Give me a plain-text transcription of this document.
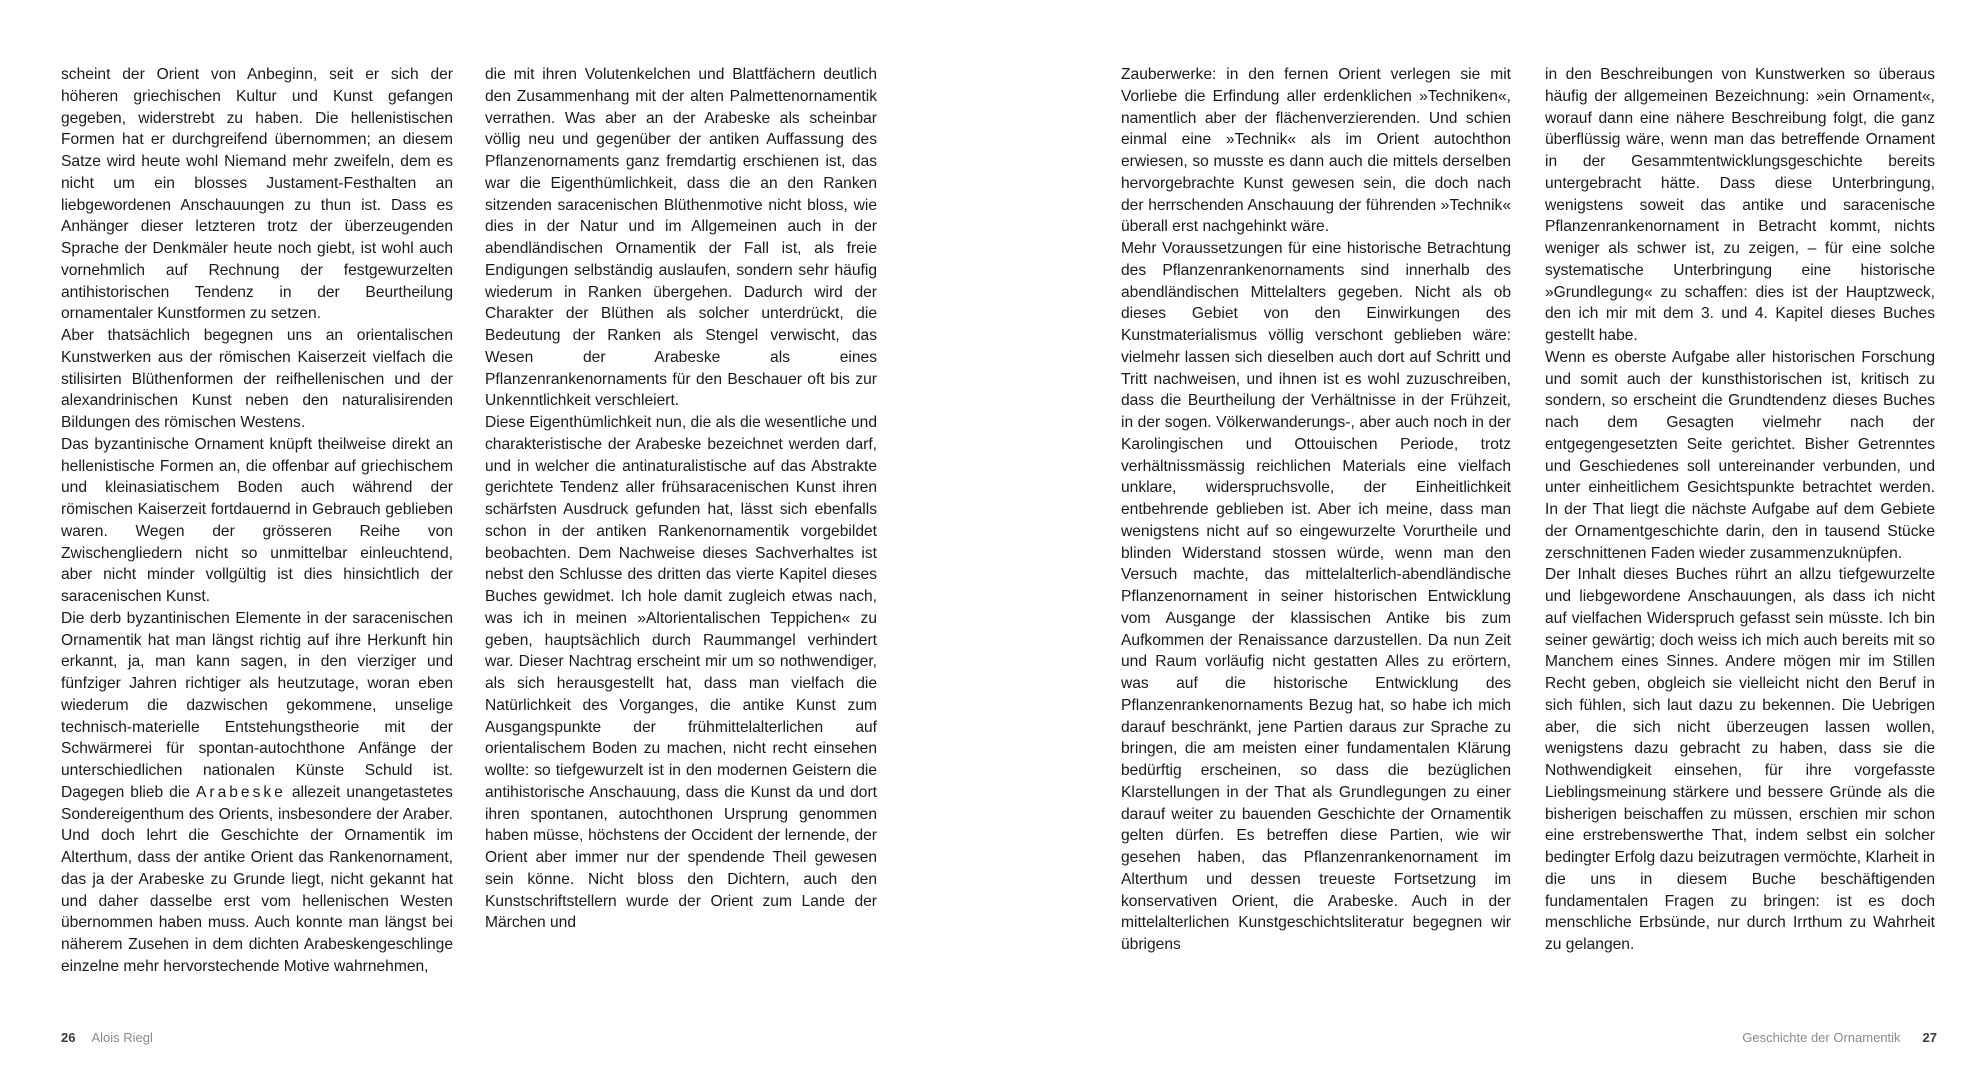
scheint der Orient von Anbeginn, seit er sich der höheren griechischen Kultur und Kunst gefangen gegeben, widerstrebt zu haben. Die hellenistischen Formen hat er durchgreifend übernommen; an diesem Satze wird heute wohl Niemand mehr zweifeln, dem es nicht um ein blosses Justament-Festhalten an liebgewordenen Anschauungen zu thun ist. Dass es Anhänger dieser letzteren trotz der überzeugenden Sprache der Denkmäler heute noch giebt, ist wohl auch vornehmlich auf Rechnung der festgewurzelten antihistorischen Tendenz in der Beurtheilung ornamentaler Kunstformen zu setzen.

Aber thatsächlich begegnen uns an orientalischen Kunstwerken aus der römischen Kaiserzeit vielfach die stilisirten Blüthenformen der reifhellenischen und der alexandrinischen Kunst neben den naturalisirenden Bildungen des römischen Westens.

Das byzantinische Ornament knüpft theilweise direkt an hellenistische Formen an, die offenbar auf griechischem und kleinasiatischem Boden auch während der römischen Kaiserzeit fortdauernd in Gebrauch geblieben waren. Wegen der grösseren Reihe von Zwischengliedern nicht so unmittelbar einleuchtend, aber nicht minder vollgültig ist dies hinsichtlich der saracenischen Kunst.

Die derb byzantinischen Elemente in der saracenischen Ornamentik hat man längst richtig auf ihre Herkunft hin erkannt, ja, man kann sagen, in den vierziger und fünfziger Jahren richtiger als heutzutage, woran eben wiederum die dazwischen gekommene, unselige technisch-materielle Entstehungstheorie mit der Schwärmerei für spontan-autochthone Anfänge der unterschiedlichen nationalen Künste Schuld ist. Dagegen blieb die Arabeske allezeit unangetastetes Sondereigenthum des Orients, insbesondere der Araber. Und doch lehrt die Geschichte der Ornamentik im Alterthum, dass der antike Orient das Rankenornament, das ja der Arabeske zu Grunde liegt, nicht gekannt hat und daher dasselbe erst vom hellenischen Westen übernommen haben muss. Auch konnte man längst bei näherem Zusehen in dem dichten Arabeskengeschlinge einzelne mehr hervorstechende Motive wahrnehmen,

die mit ihren Volutenkelchen und Blattfächern deutlich den Zusammenhang mit der alten Palmettenornamentik verrathen. Was aber an der Arabeske als scheinbar völlig neu und gegenüber der antiken Auffassung des Pflanzenornaments ganz fremdartig erschienen ist, das war die Eigenthümlichkeit, dass die an den Ranken sitzenden saracenischen Blüthenmotive nicht bloss, wie dies in der Natur und im Allgemeinen auch in der abendländischen Ornamentik der Fall ist, als freie Endigungen selbständig auslaufen, sondern sehr häufig wiederum in Ranken übergehen. Dadurch wird der Charakter der Blüthen als solcher unterdrückt, die Bedeutung der Ranken als Stengel verwischt, das Wesen der Arabeske als eines Pflanzenrankenornaments für den Beschauer oft bis zur Unkenntlichkeit verschleiert.

Diese Eigenthümlichkeit nun, die als die wesentliche und charakteristische der Arabeske bezeichnet werden darf, und in welcher die antinaturalistische auf das Abstrakte gerichtete Tendenz aller frühsaracenischen Kunst ihren schärfsten Ausdruck gefunden hat, lässt sich ebenfalls schon in der antiken Rankenornamentik vorgebildet beobachten. Dem Nachweise dieses Sachverhaltes ist nebst den Schlusse des dritten das vierte Kapitel dieses Buches gewidmet. Ich hole damit zugleich etwas nach, was ich in meinen »Altorientalischen Teppichen« zu geben, hauptsächlich durch Raummangel verhindert war. Dieser Nachtrag erscheint mir um so nothwendiger, als sich herausgestellt hat, dass man vielfach die Natürlichkeit des Vorganges, die antike Kunst zum Ausgangspunkte der frühmittelalterlichen auf orientalischem Boden zu machen, nicht recht einsehen wollte: so tiefgewurzelt ist in den modernen Geistern die antihistorische Anschauung, dass die Kunst da und dort ihren spontanen, autochthonen Ursprung genommen haben müsse, höchstens der Occident der lernende, der Orient aber immer nur der spendende Theil gewesen sein könne. Nicht bloss den Dichtern, auch den Kunstschriftstellern wurde der Orient zum Lande der Märchen und

26 Alois Riegl

Zauberwerke: in den fernen Orient verlegen sie mit Vorliebe die Erfindung aller erdenklichen »Techniken«, namentlich aber der flächenverzierenden. Und schien einmal eine »Technik« als im Orient autochthon erwiesen, so musste es dann auch die mittels derselben hervorgebrachte Kunst gewesen sein, die doch nach der herrschenden Anschauung der führenden »Technik« überall erst nachgehinkt wäre.

Mehr Voraussetzungen für eine historische Betrachtung des Pflanzenrankenornaments sind innerhalb des abendländischen Mittelalters gegeben. Nicht als ob dieses Gebiet von den Einwirkungen des Kunstmaterialismus völlig verschont geblieben wäre: vielmehr lassen sich dieselben auch dort auf Schritt und Tritt nachweisen, und ihnen ist es wohl zuzuschreiben, dass die Beurtheilung der Verhältnisse in der Frühzeit, in der sogen. Völkerwanderungs-, aber auch noch in der Karolingischen und Ottouischen Periode, trotz verhältnissmässig reichlichen Materials eine vielfach unklare, widerspruchsvolle, der Einheitlichkeit entbehrende geblieben ist. Aber ich meine, dass man wenigstens nicht auf so eingewurzelte Vorurtheile und blinden Widerstand stossen würde, wenn man den Versuch machte, das mittelalterlich-abendländische Pflanzenornament in seiner historischen Entwicklung vom Ausgange der klassischen Antike bis zum Aufkommen der Renaissance darzustellen. Da nun Zeit und Raum vorläufig nicht gestatten Alles zu erörtern, was auf die historische Entwicklung des Pflanzenrankenornaments Bezug hat, so habe ich mich darauf beschränkt, jene Partien daraus zur Sprache zu bringen, die am meisten einer fundamentalen Klärung bedürftig erscheinen, so dass die bezüglichen Klarstellungen in der That als Grundlegungen zu einer darauf weiter zu bauenden Geschichte der Ornamentik gelten dürfen. Es betreffen diese Partien, wie wir gesehen haben, das Pflanzenrankenornament im Alterthum und dessen treueste Fortsetzung im konservativen Orient, die Arabeske. Auch in der mittelalterlichen Kunstgeschichtsliteratur begegnen wir übrigens

in den Beschreibungen von Kunstwerken so überaus häufig der allgemeinen Bezeichnung: »ein Ornament«, worauf dann eine nähere Beschreibung folgt, die ganz überflüssig wäre, wenn man das betreffende Ornament in der Gesammtentwicklungsgeschichte bereits untergebracht hätte. Dass diese Unterbringung, wenigstens soweit das antike und saracenische Pflanzenrankenornament in Betracht kommt, nichts weniger als schwer ist, zu zeigen, – für eine solche systematische Unterbringung eine historische »Grundlegung« zu schaffen: dies ist der Hauptzweck, den ich mir mit dem 3. und 4. Kapitel dieses Buches gestellt habe.

Wenn es oberste Aufgabe aller historischen Forschung und somit auch der kunsthistorischen ist, kritisch zu sondern, so erscheint die Grundtendenz dieses Buches nach dem Gesagten vielmehr nach der entgegengesetzten Seite gerichtet. Bisher Getrenntes und Geschiedenes soll untereinander verbunden, und unter einheitlichem Gesichtspunkte betrachtet werden. In der That liegt die nächste Aufgabe auf dem Gebiete der Ornamentgeschichte darin, den in tausend Stücke zerschnittenen Faden wieder zusammenzuknüpfen.

Der Inhalt dieses Buches rührt an allzu tiefgewurzelte und liebgewordene Anschauungen, als dass ich nicht auf vielfachen Widerspruch gefasst sein müsste. Ich bin seiner gewärtig; doch weiss ich mich auch bereits mit so Manchem eines Sinnes. Andere mögen mir im Stillen Recht geben, obgleich sie vielleicht nicht den Beruf in sich fühlen, sich laut dazu zu bekennen. Die Uebrigen aber, die sich nicht überzeugen lassen wollen, wenigstens dazu gebracht zu haben, dass sie die Nothwendigkeit einsehen, für ihre vorgefasste Lieblingsmeinung stärkere und bessere Gründe als die bisherigen beischaffen zu müssen, erschien mir schon eine erstrebenswerthe That, indem selbst ein solcher bedingter Erfolg dazu beizutragen vermöchte, Klarheit in die uns in diesem Buche beschäftigenden fundamentalen Fragen zu bringen: ist es doch menschliche Erbsünde, nur durch Irrthum zu Wahrheit zu gelangen.

Geschichte der Ornamentik 27
